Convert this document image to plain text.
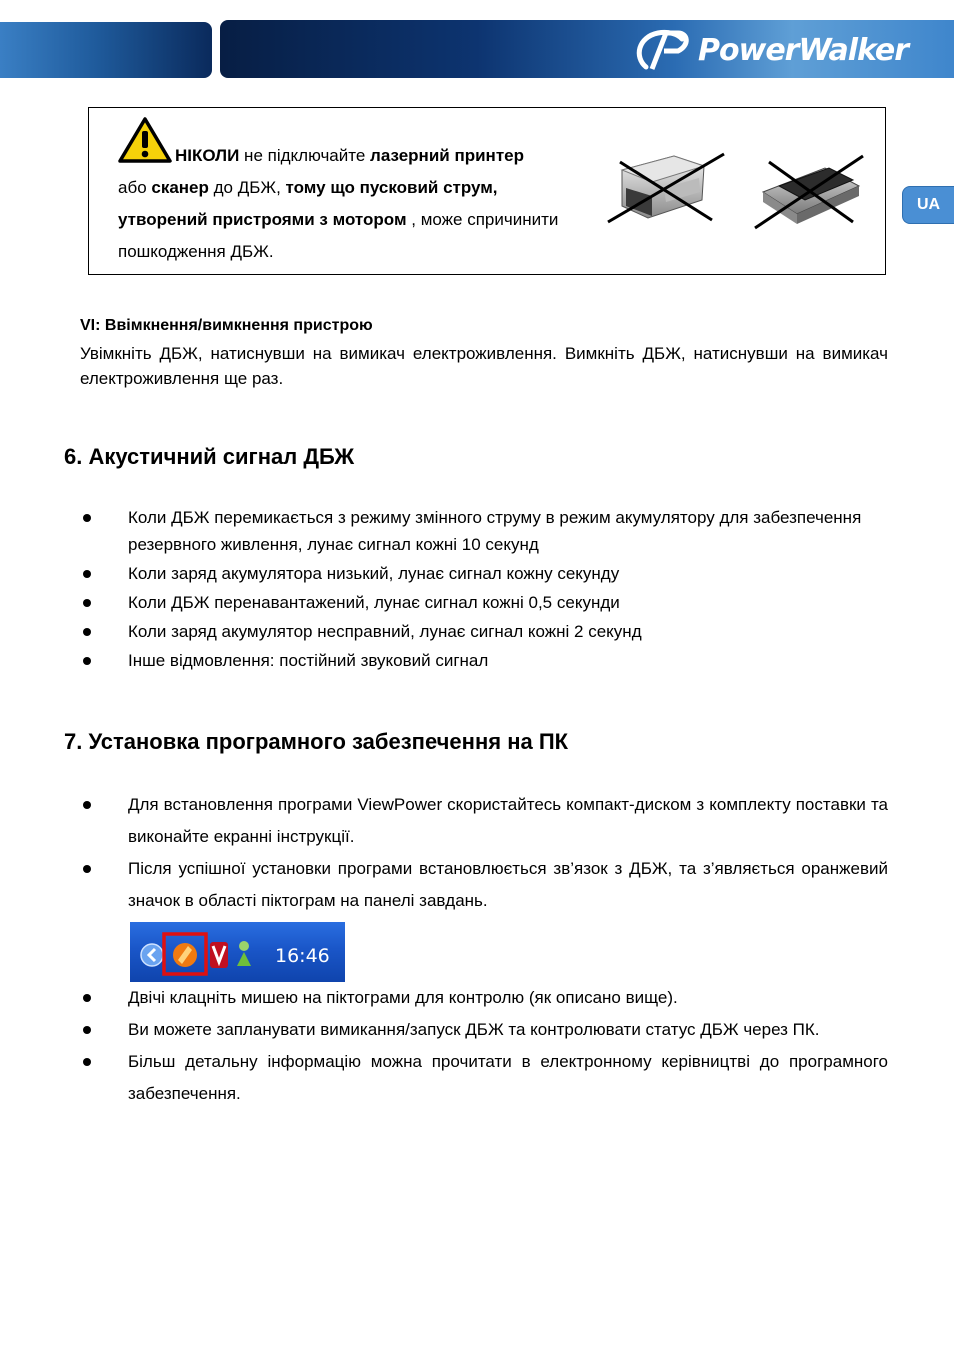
PowerWalker
UA
НІКОЛИ не підключайте лазерний принтер
або сканер до ДБЖ, тому що пусковий струм, утворений пристроями з мотором , може спричинити пошкодження ДБЖ.
VI: Ввімкнення/вимкнення пристрою
Увімкніть ДБЖ, натиснувши на вимикач електроживлення. Вимкніть ДБЖ, натиснувши на вимикач електроживлення ще раз.
6. Акустичний сигнал ДБЖ
Коли ДБЖ перемикається з режиму змінного струму в режим акумулятору для забезпечення резервного живлення, лунає сигнал кожні 10 секунд
Коли заряд акумулятора низький, лунає сигнал кожну секунду
Коли ДБЖ перенавантажений, лунає сигнал кожні 0,5 секунди
Коли заряд акумулятор несправний, лунає сигнал кожні 2 секунд
Інше відмовлення: постійний звуковий сигнал
7. Установка програмного забезпечення на ПК
Для встановлення програми ViewPower скористайтесь компакт-диском з комплекту поставки та виконайте екранні інструкції.
Після успішної установки програми встановлюється зв’язок з ДБЖ, та з’являється оранжевий значок в області піктограм на панелі завдань.
16:46
Двічі клацніть мишею на піктограми для контролю (як описано вище).
Ви можете запланувати вимикання/запуск ДБЖ та контролювати статус ДБЖ через ПК.
Більш детальну інформацію можна прочитати в електронному керівництві до програмного забезпечення.
